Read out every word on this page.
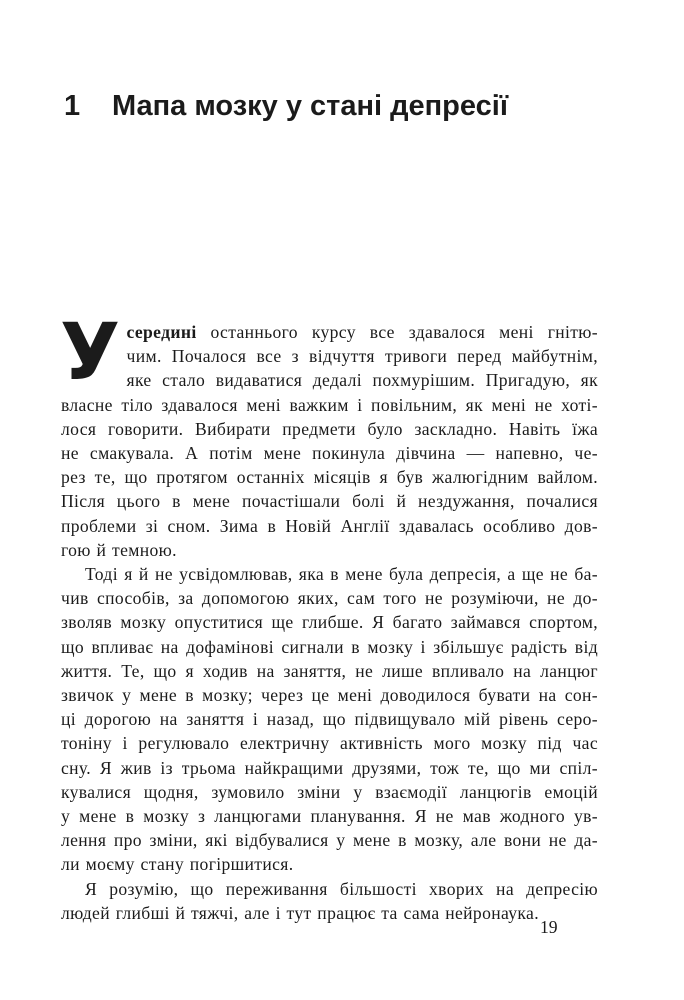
1 Мапа мозку у стані депресії

У середині останнього курсу все здавалося мені гнітю-
чим. Почалося все з відчуття тривоги перед майбутнім,
яке стало видаватися дедалі похмурішим. Пригадую, як
власне тіло здавалося мені важким і повільним, як мені не хоті-
лося говорити. Вибирати предмети було заскладно. Навіть їжа
не смакувала. А потім мене покинула дівчина — напевно, че-
рез те, що протягом останніх місяців я був жалюгідним вайлом.
Після цього в мене почастішали болі й нездужання, почалися
проблеми зі сном. Зима в Новій Англії здавалась особливо дов-
гою й темною.

Тоді я й не усвідомлював, яка в мене була депресія, а ще не ба-
чив способів, за допомогою яких, сам того не розуміючи, не до-
зволяв мозку опуститися ще глибше. Я багато займався спортом,
що впливає на дофамінові сигнали в мозку і збільшує радість від
життя. Те, що я ходив на заняття, не лише впливало на ланцюг
звичок у мене в мозку; через це мені доводилося бувати на сон-
ці дорогою на заняття і назад, що підвищувало мій рівень серо-
тоніну і регулювало електричну активність мого мозку під час
сну. Я жив із трьома найкращими друзями, тож те, що ми спіл-
кувалися щодня, зумовило зміни у взаємодії ланцюгів емоцій
у мене в мозку з ланцюгами планування. Я не мав жодного ув-
лення про зміни, які відбувалися у мене в мозку, але вони не да-
ли моєму стану погіршитися.

Я розумію, що переживання більшості хворих на депресію
людей глибші й тяжчі, але і тут працює та сама нейронаука.

19
